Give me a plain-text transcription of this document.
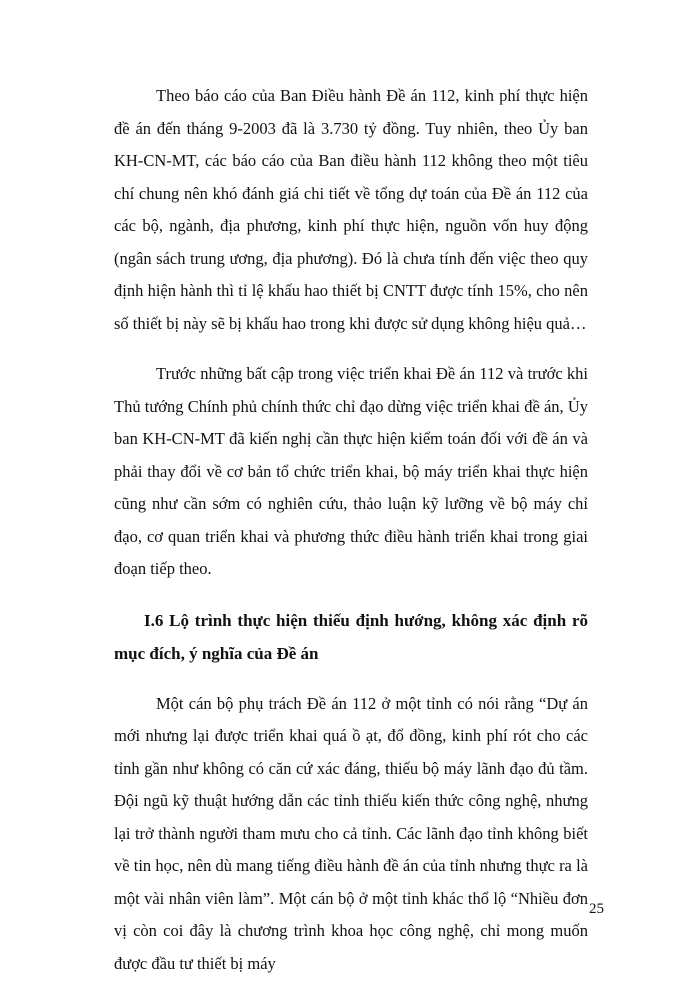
Theo báo cáo của Ban Điều hành Đề án 112, kinh phí thực hiện đề án đến tháng 9-2003 đã là 3.730 tỷ đồng. Tuy nhiên, theo Ủy ban KH-CN-MT, các báo cáo của Ban điều hành 112 không theo một tiêu chí chung nên khó đánh giá chi tiết về tổng dự toán của Đề án 112 của các bộ, ngành, địa phương, kinh phí thực hiện, nguồn vốn huy động (ngân sách trung ương, địa phương). Đó là chưa tính đến việc theo quy định hiện hành thì tỉ lệ khấu hao thiết bị CNTT được tính 15%, cho nên số thiết bị này sẽ bị khấu hao trong khi được sử dụng không hiệu quả…

Trước những bất cập trong việc triển khai Đề án 112 và trước khi Thủ tướng Chính phủ chính thức chỉ đạo dừng việc triển khai đề án, Ủy ban KH-CN-MT đã kiến nghị cần thực hiện kiểm toán đối với đề án và phải thay đổi về cơ bản tổ chức triển khai, bộ máy triển khai thực hiện cũng như cần sớm có nghiên cứu, thảo luận kỹ lưỡng về bộ máy chỉ đạo, cơ quan triển khai và phương thức điều hành triển khai trong giai đoạn tiếp theo.

I.6 Lộ trình thực hiện thiếu định hướng, không xác định rõ mục đích, ý nghĩa của Đề án

Một cán bộ phụ trách Đề án 112 ở một tỉnh có nói rằng “Dự án mới nhưng lại được triển khai quá ồ ạt, đổ đồng, kinh phí rót cho các tỉnh gần như không có căn cứ xác đáng, thiếu bộ máy lãnh đạo đủ tầm. Đội ngũ kỹ thuật hướng dẫn các tỉnh thiếu kiến thức công nghệ, nhưng lại trở thành người tham mưu cho cả tỉnh. Các lãnh đạo tỉnh không biết về tin học, nên dù mang tiếng điều hành đề án của tỉnh nhưng thực ra là một vài nhân viên làm”. Một cán bộ ở một tỉnh khác thổ lộ “Nhiều đơn vị còn coi đây là chương trình khoa học công nghệ, chỉ mong muốn được đầu tư thiết bị máy

25
